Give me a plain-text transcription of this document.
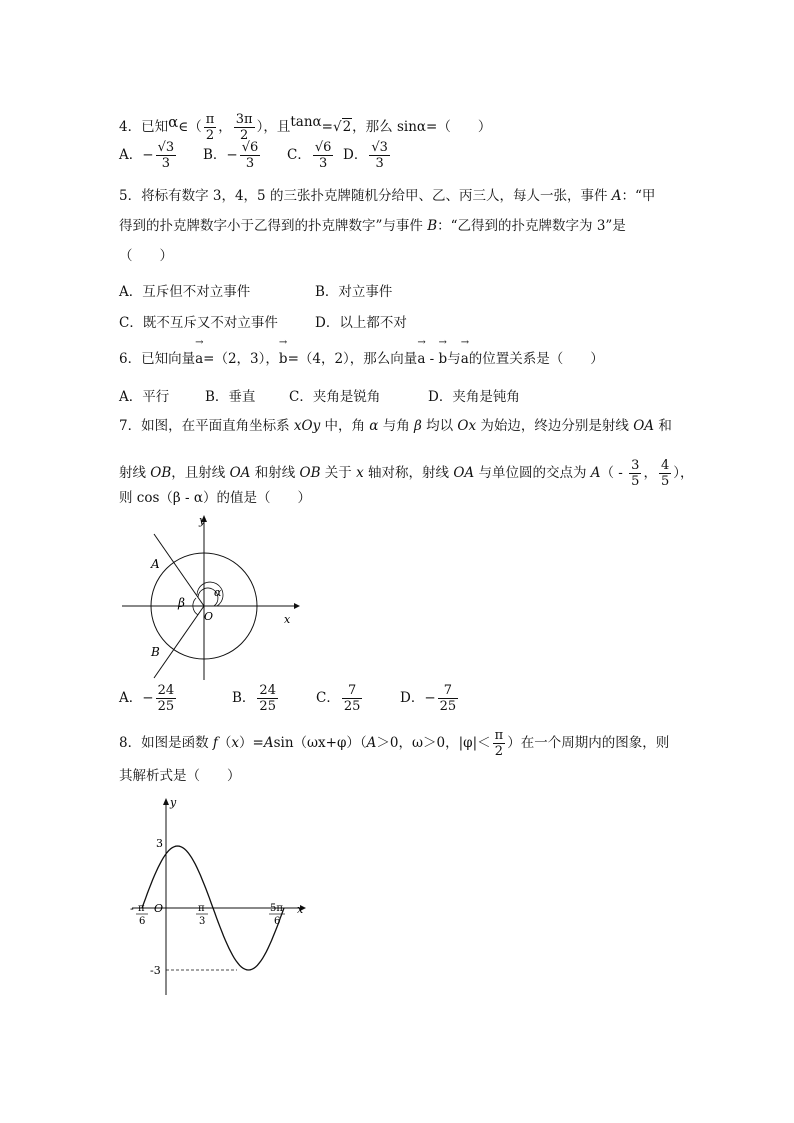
4．已知α∈（ $\frac{\pi}{2}$ ， $\frac{3\pi}{2}$ ），且tanα=√2，那么 sinα=（　　）
A．− $\frac{√3}{3}$ B．− $\frac{√6}{3}$ C． $\frac{√6}{3}$ D． $\frac{√3}{3}$
5．将标有数字 3，4，5 的三张扑克牌随机分给甲、乙、丙三人，每人一张，事件 A：“甲
得到的扑克牌数字小于乙得到的扑克牌数字”与事件 B：“乙得到的扑克牌数字为 3”是
（　　）
A．互斥但不对立事件	B．对立事件
C．既不互斥又不对立事件	D．以上都不对
6．已知向量→ a=（2，3），→ b=（4，2），那么向量→ a - → b与→ a的位置关系是（　　）
A．平行	B．垂直 C．夹角是锐角	D．夹角是钝角
7．如图，在平面直角坐标系 xOy 中，角 α 与角 β 均以 Ox 为始边，终边分别是射线 OA 和
射线 OB，且射线 OA 和射线 OB 关于 x 轴对称，射线 OA 与单位圆的交点为 $A( - \frac{3}{5}$ ， $\frac{4}{5}$ ），
则 cos（β - α）的值是（　　）
y
x
A
B
β
α
O
A．− $\frac{24}{25}$	B． $\frac{24}{25}$	C． $\frac{7}{25}$	D．− $\frac{7}{25}$
8．如图是函数 f（x）=Asin（ωx+φ）（A＞0，ω＞0，$|\varphi|< \frac{\pi}{2}$ ）在一个周期内的图象，则
其解析式是（　　）
y
x
3
-3
O
- π
6
π
3
5π
6
